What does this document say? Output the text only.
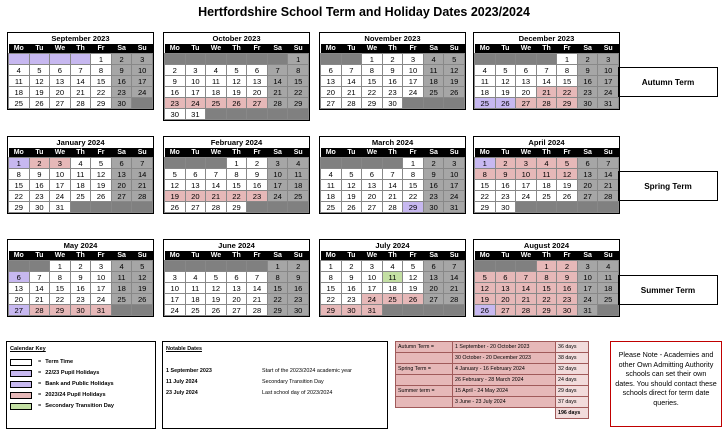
Hertfordshire School Term and Holiday Dates 2023/2024
September 2023
Mo	Tu	We	Th	Fr	Sa	Su
				1	2	3
4	5	6	7	8	9	10
11	12	13	14	15	16	17
18	19	20	21	22	23	24
25	26	27	28	29	30	
October 2023
Mo	Tu	We	Th	Fr	Sa	Su
						1
2	3	4	5	6	7	8
9	10	11	12	13	14	15
16	17	18	19	20	21	22
23	24	25	26	27	28	29
30	31					
November 2023
Mo	Tu	We	Th	Fr	Sa	Su
		1	2	3	4	5
6	7	8	9	10	11	12
13	14	15	16	17	18	19
20	21	22	23	24	25	26
27	28	29	30			
December 2023
Mo	Tu	We	Th	Fr	Sa	Su
				1	2	3
4	5	6	7	8	9	10
11	12	13	14	15	16	17
18	19	20	21	22	23	24
25	26	27	28	29	30	31
January 2024
Mo	Tu	We	Th	Fr	Sa	Su
1	2	3	4	5	6	7
8	9	10	11	12	13	14
15	16	17	18	19	20	21
22	23	24	25	26	27	28
29	30	31				
February 2024
Mo	Tu	We	Th	Fr	Sa	Su
			1	2	3	4
5	6	7	8	9	10	11
12	13	14	15	16	17	18
19	20	21	22	23	24	25
26	27	28	29			
March 2024
Mo	Tu	We	Th	Fr	Sa	Su
				1	2	3
4	5	6	7	8	9	10
11	12	13	14	15	16	17
18	19	20	21	22	23	24
25	26	27	28	29	30	31
April 2024
Mo	Tu	We	Th	Fr	Sa	Su
1	2	3	4	5	6	7
8	9	10	11	12	13	14
15	16	17	18	19	20	21
22	23	24	25	26	27	28
29	30					
May 2024
Mo	Tu	We	Th	Fr	Sa	Su
		1	2	3	4	5
6	7	8	9	10	11	12
13	14	15	16	17	18	19
20	21	22	23	24	25	26
27	28	29	30	31		
June 2024
Mo	Tu	We	Th	Fr	Sa	Su
					1	2
3	4	5	6	7	8	9
10	11	12	13	14	15	16
17	18	19	20	21	22	23
24	25	26	27	28	29	30
July 2024
Mo	Tu	We	Th	Fr	Sa	Su
1	2	3	4	5	6	7
8	9	10	11	12	13	14
15	16	17	18	19	20	21
22	23	24	25	26	27	28
29	30	31				
August 2024
Mo	Tu	We	Th	Fr	Sa	Su
			1	2	3	4
5	6	7	8	9	10	11
12	13	14	15	16	17	18
19	20	21	22	23	24	25
26	27	28	29	30	31	
Autumn Term
Spring Term
Summer Term
Calendar Key
= Term Time
= 22/23 Pupil Holidays
= Bank and Public Holidays
= 2023/24 Pupil Holidays
= Secondary Transition Day
Notable Dates
1 September 2023	Start of the 2023/2024 academic year
11 July 2024	Secondary Transition Day
23 July 2024	Last school day of 2023/2024
Autumn Term =	1 September - 20 October 2023	36 days
	30 October - 20 December 2023	38 days
Spring Term =	4 January - 16 February 2024	32 days
	26 February - 28 March 2024	24 days
Summer term =	15 April - 24 May 2024	29 days
	3 June - 23 July 2024	37 days
		196 days
Please Note - Academies and other Own Admitting Authority schools can set their own dates. You should contact these schools direct for term date queries.
